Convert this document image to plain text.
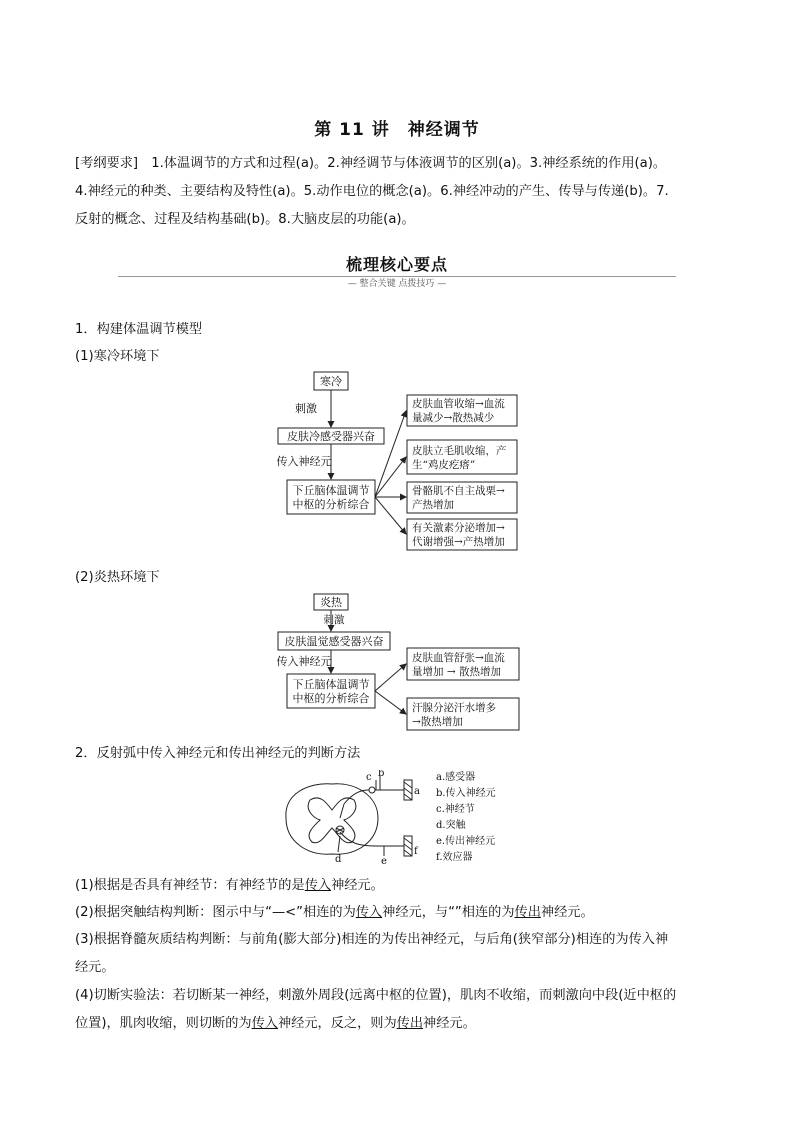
第 11 讲　神经调节
[考纲要求]　1.体温调节的方式和过程(a)。2.神经调节与体液调节的区别(a)。3.神经系统的作用(a)。
4.神经元的种类、主要结构及特性(a)。5.动作电位的概念(a)。6.神经冲动的产生、传导与传递(b)。7.
反射的概念、过程及结构基础(b)。8.大脑皮层的功能(a)。
梳理核心要点
— 整合关键 点拨技巧 —
1．构建体温调节模型
(1)寒冷环境下
寒冷
刺激
皮肤冷感受器兴奋
传入神经元
下丘脑体温调节
中枢的分析综合
皮肤血管收缩→血流
量减少→散热减少
皮肤立毛肌收缩，产
生“鸡皮疙瘩”
骨骼肌不自主战栗→
产热增加
有关激素分泌增加→
代谢增强→产热增加
(2)炎热环境下
炎热
刺激
皮肤温觉感受器兴奋
传入神经元
下丘脑体温调节
中枢的分析综合
皮肤血管舒张→血流
量增加 → 散热增加
汗腺分泌汗水增多
→散热增加
2．反射弧中传入神经元和传出神经元的判断方法
c b
a
f
e
d
a.感受器
b.传入神经元
c.神经节
d.突触
e.传出神经元
f.效应器
(1)根据是否具有神经节：有神经节的是传入神经元。
(2)根据突触结构判断：图示中与“—<”相连的为传入神经元，与“”相连的为传出神经元。
(3)根据脊髓灰质结构判断：与前角(膨大部分)相连的为传出神经元，与后角(狭窄部分)相连的为传入神
经元。
(4)切断实验法：若切断某一神经，刺激外周段(远离中枢的位置)，肌肉不收缩，而刺激向中段(近中枢的
位置)，肌肉收缩，则切断的为传入神经元，反之，则为传出神经元。
